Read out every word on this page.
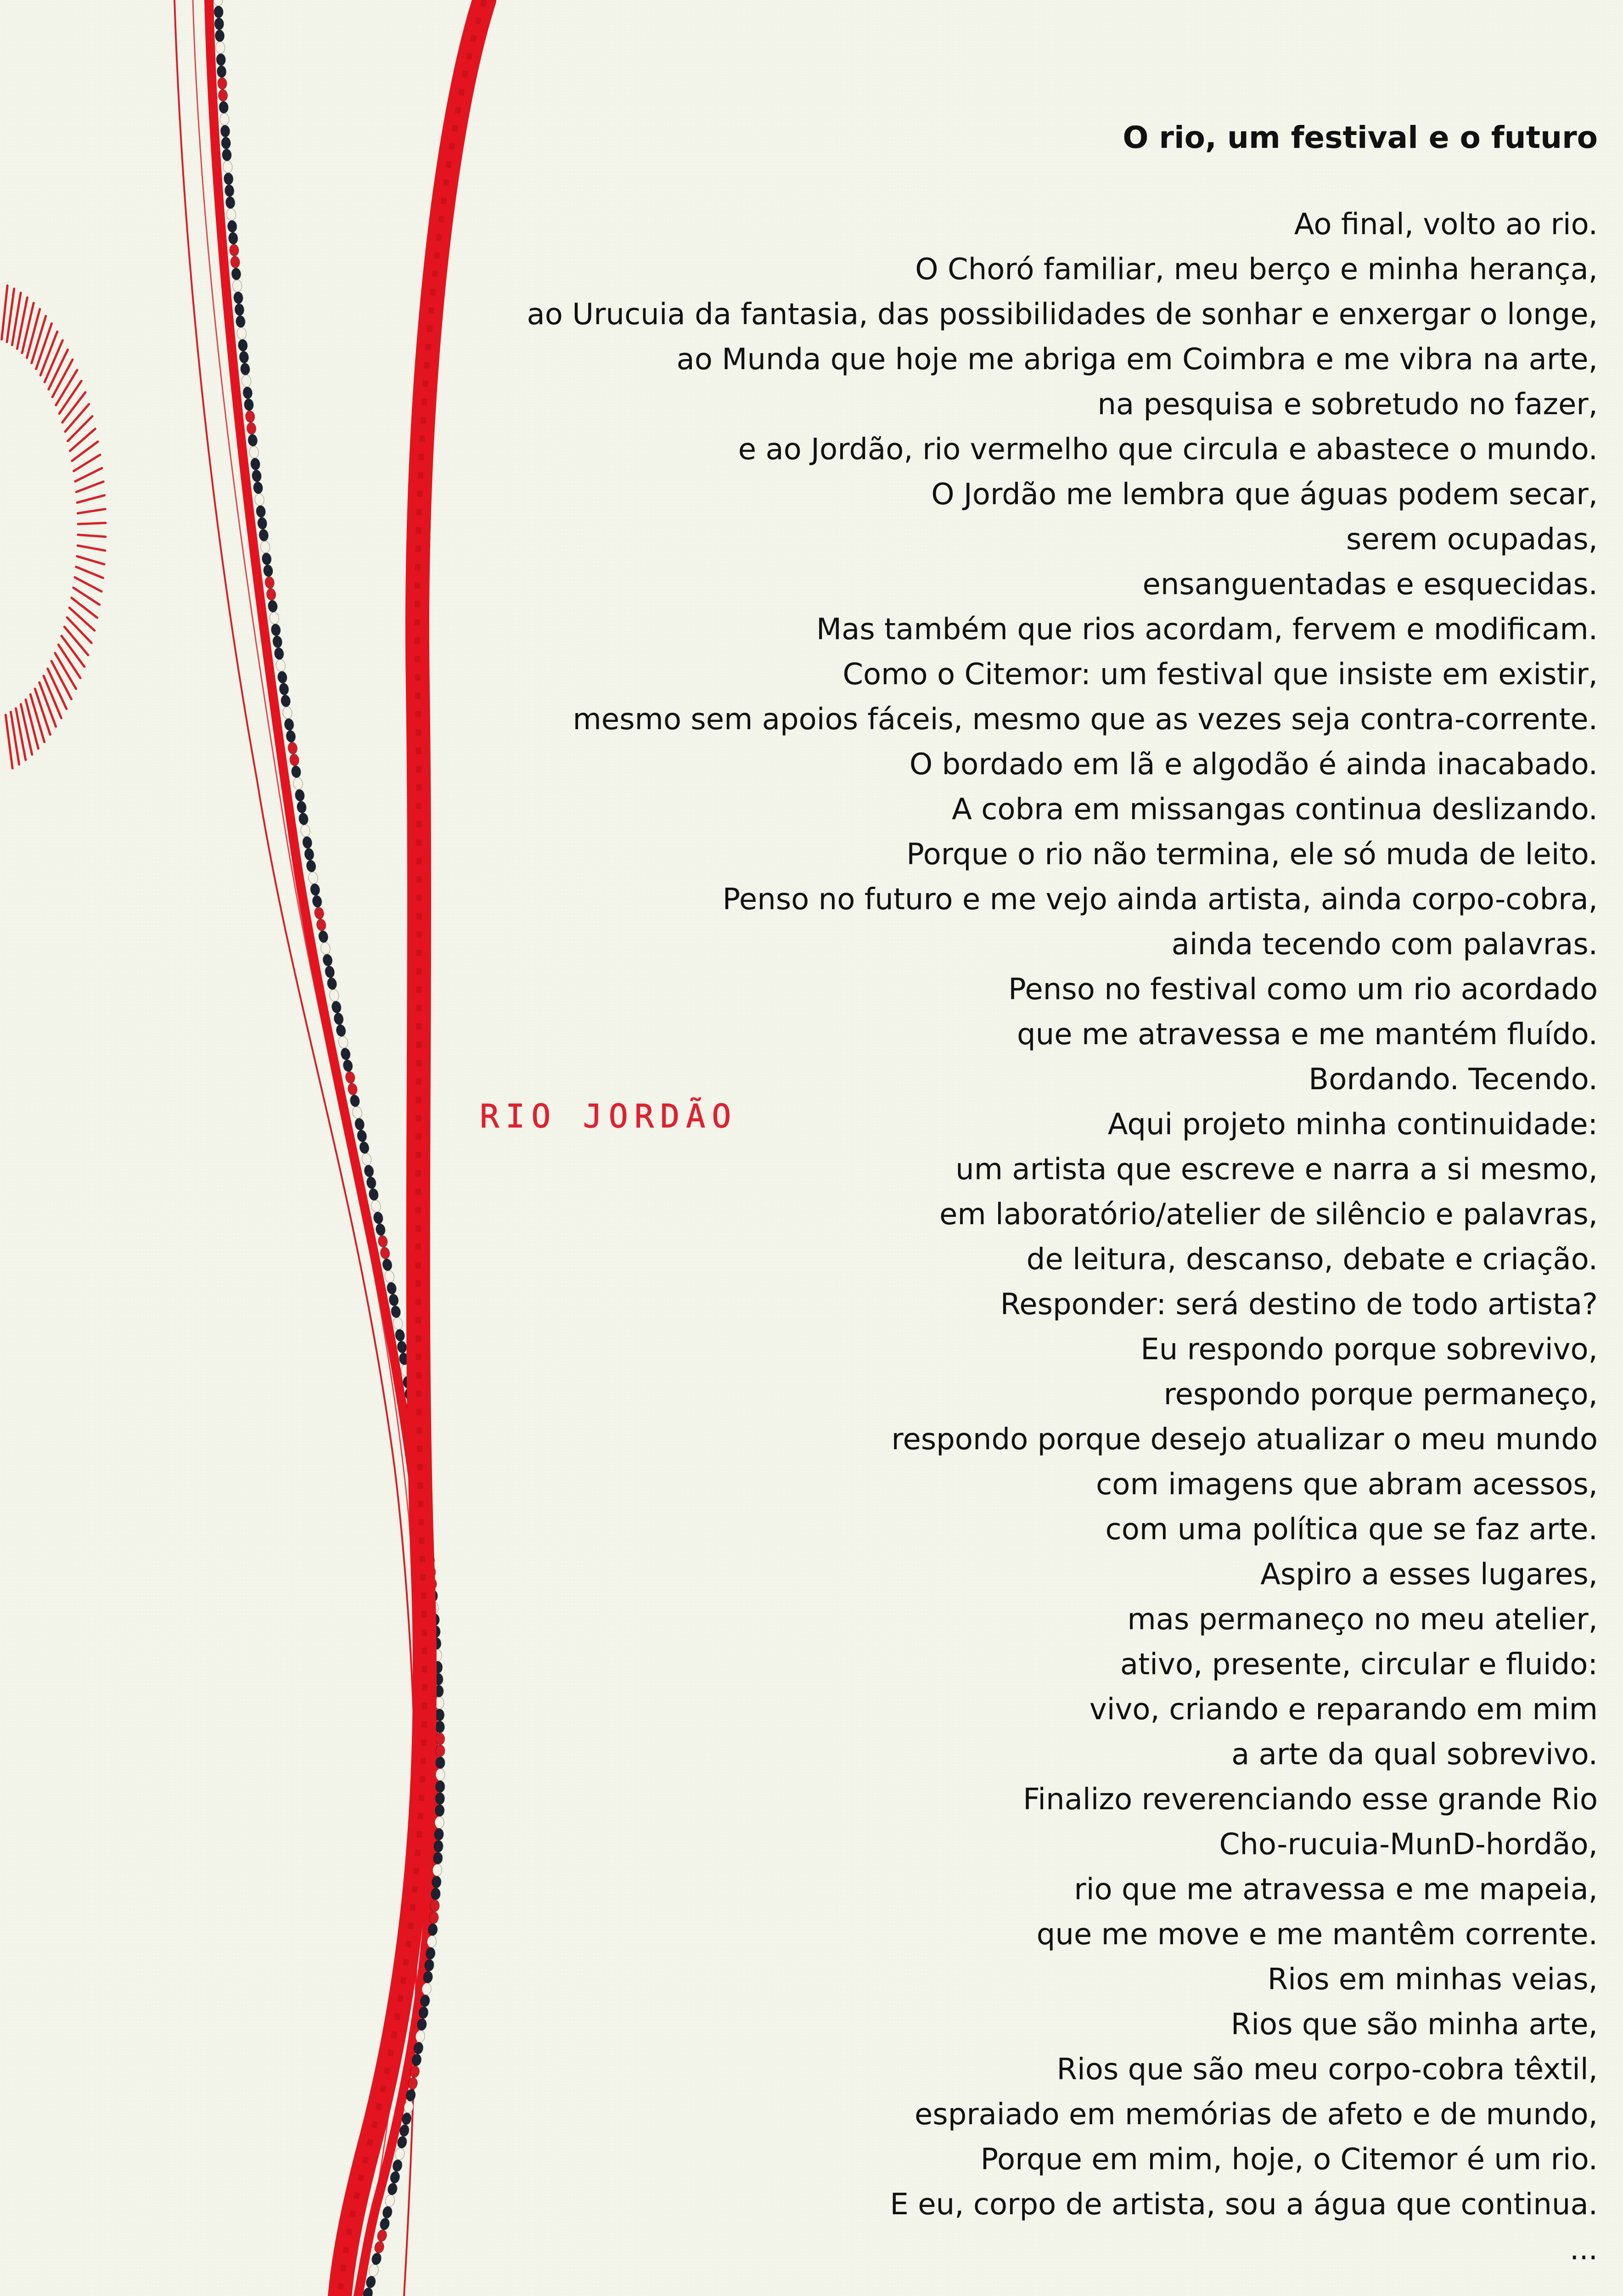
RIO JORDÃO
O rio, um festival e o futuro
Ao final, volto ao rio.
O Choró familiar, meu berço e minha herança,
ao Urucuia da fantasia, das possibilidades de sonhar e enxergar o longe,
ao Munda que hoje me abriga em Coimbra e me vibra na arte,
na pesquisa e sobretudo no fazer,
e ao Jordão, rio vermelho que circula e abastece o mundo.
O Jordão me lembra que águas podem secar,
serem ocupadas,
ensanguentadas e esquecidas.
Mas também que rios acordam, fervem e modificam.
Como o Citemor: um festival que insiste em existir,
mesmo sem apoios fáceis, mesmo que as vezes seja contra-corrente.
O bordado em lã e algodão é ainda inacabado.
A cobra em missangas continua deslizando.
Porque o rio não termina, ele só muda de leito.
Penso no futuro e me vejo ainda artista, ainda corpo-cobra,
ainda tecendo com palavras.
Penso no festival como um rio acordado
que me atravessa e me mantém fluído.
Bordando. Tecendo.
Aqui projeto minha continuidade:
um artista que escreve e narra a si mesmo,
em laboratório/atelier de silêncio e palavras,
de leitura, descanso, debate e criação.
Responder: será destino de todo artista?
Eu respondo porque sobrevivo,
respondo porque permaneço,
respondo porque desejo atualizar o meu mundo
com imagens que abram acessos,
com uma política que se faz arte.
Aspiro a esses lugares,
mas permaneço no meu atelier,
ativo, presente, circular e fluido:
vivo, criando e reparando em mim
a arte da qual sobrevivo.
Finalizo reverenciando esse grande Rio
Cho-rucuia-MunD-hordão,
rio que me atravessa e me mapeia,
que me move e me mantêm corrente.
Rios em minhas veias,
Rios que são minha arte,
Rios que são meu corpo-cobra têxtil,
espraiado em memórias de afeto e de mundo,
Porque em mim, hoje, o Citemor é um rio.
E eu, corpo de artista, sou a água que continua.
...
